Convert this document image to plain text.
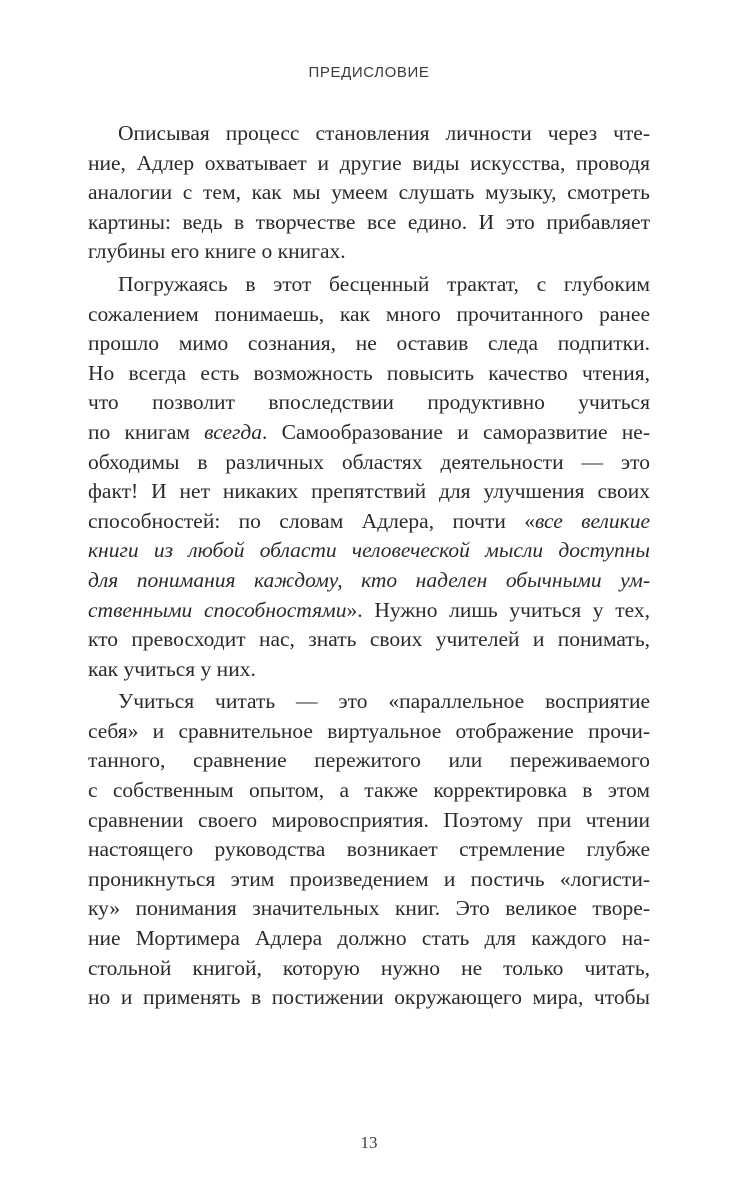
ПРЕДИСЛОВИЕ

Описывая процесс становления личности через чте-
ние, Адлер охватывает и другие виды искусства, проводя
аналогии с тем, как мы умеем слушать музыку, смотреть
картины: ведь в творчестве все едино. И это прибавляет
глубины его книге о книгах.

Погружаясь в этот бесценный трактат, с глубоким
сожалением понимаешь, как много прочитанного ранее
прошло мимо сознания, не оставив следа подпитки.
Но всегда есть возможность повысить качество чтения,
что позволит впоследствии продуктивно учиться
по книгам всегда. Самообразование и саморазвитие не-
обходимы в различных областях деятельности — это
факт! И нет никаких препятствий для улучшения своих
способностей: по словам Адлера, почти «все великие
книги из любой области человеческой мысли доступны
для понимания каждому, кто наделен обычными ум-
ственными способностями». Нужно лишь учиться у тех,
кто превосходит нас, знать своих учителей и понимать,
как учиться у них.

Учиться читать — это «параллельное восприятие
себя» и сравнительное виртуальное отображение прочи-
танного, сравнение пережитого или переживаемого
с собственным опытом, а также корректировка в этом
сравнении своего мировосприятия. Поэтому при чтении
настоящего руководства возникает стремление глубже
проникнуться этим произведением и постичь «логисти-
ку» понимания значительных книг. Это великое творе-
ние Мортимера Адлера должно стать для каждого на-
стольной книгой, которую нужно не только читать,
но и применять в постижении окружающего мира, чтобы

13
